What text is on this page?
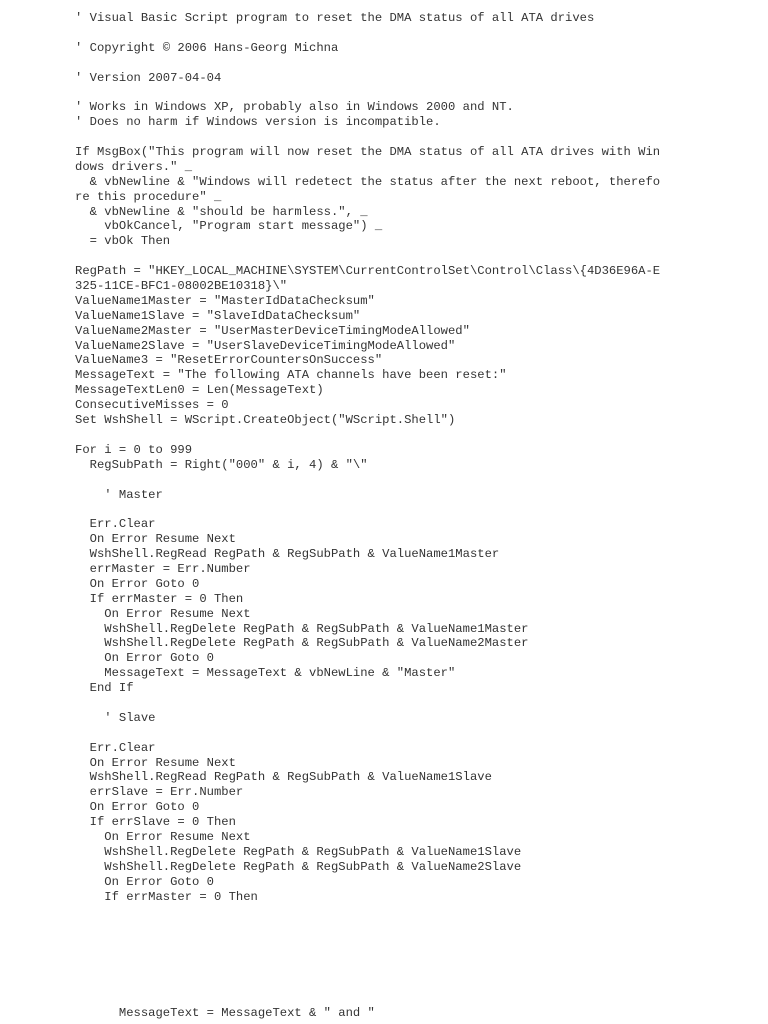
' Visual Basic Script program to reset the DMA status of all ATA drives

' Copyright © 2006 Hans-Georg Michna

' Version 2007-04-04

' Works in Windows XP, probably also in Windows 2000 and NT.
' Does no harm if Windows version is incompatible.

If MsgBox("This program will now reset the DMA status of all ATA drives with Win
dows drivers." _
& vbNewline & "Windows will redetect the status after the next reboot, therefo
re this procedure" _
& vbNewline & "should be harmless.", _
vbOkCancel, "Program start message") _
= vbOk Then

RegPath = "HKEY_LOCAL_MACHINE\SYSTEM\CurrentControlSet\Control\Class\{4D36E96A-E
325-11CE-BFC1-08002BE10318}\"
ValueName1Master = "MasterIdDataChecksum"
ValueName1Slave = "SlaveIdDataChecksum"
ValueName2Master = "UserMasterDeviceTimingModeAllowed"
ValueName2Slave = "UserSlaveDeviceTimingModeAllowed"
ValueName3 = "ResetErrorCountersOnSuccess"
MessageText = "The following ATA channels have been reset:"
MessageTextLen0 = Len(MessageText)
ConsecutiveMisses = 0
Set WshShell = WScript.CreateObject("WScript.Shell")

For i = 0 to 999
RegSubPath = Right("000" & i, 4) & "\"

' Master

Err.Clear
On Error Resume Next
WshShell.RegRead RegPath & RegSubPath & ValueName1Master
errMaster = Err.Number
On Error Goto 0
If errMaster = 0 Then
On Error Resume Next
WshShell.RegDelete RegPath & RegSubPath & ValueName1Master
WshShell.RegDelete RegPath & RegSubPath & ValueName2Master
On Error Goto 0
MessageText = MessageText & vbNewLine & "Master"
End If

' Slave

Err.Clear
On Error Resume Next
WshShell.RegRead RegPath & RegSubPath & ValueName1Slave
errSlave = Err.Number
On Error Goto 0
If errSlave = 0 Then
On Error Resume Next
WshShell.RegDelete RegPath & RegSubPath & ValueName1Slave
WshShell.RegDelete RegPath & RegSubPath & ValueName2Slave
On Error Goto 0
If errMaster = 0 Then
MessageText = MessageText & " and "
